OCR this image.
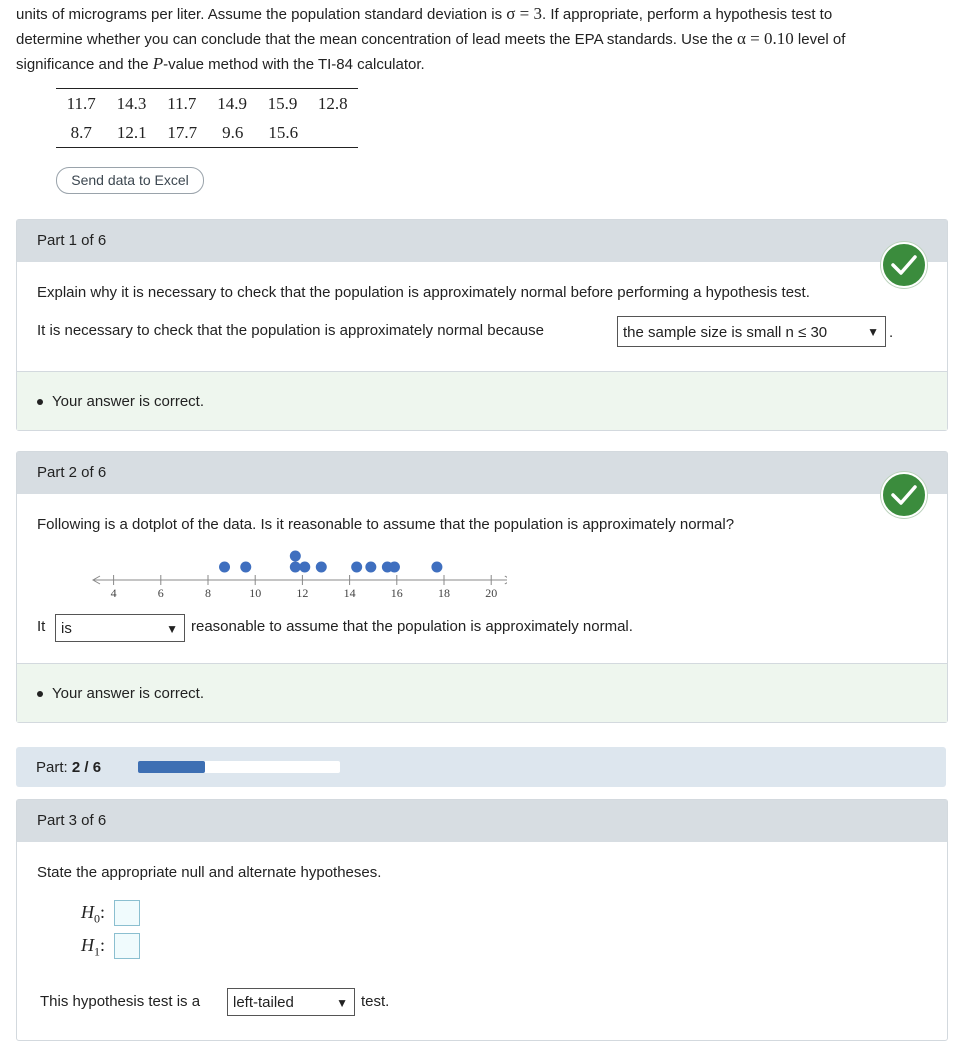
units of micrograms per liter. Assume the population standard deviation is σ = 3. If appropriate, perform a hypothesis test to
determine whether you can conclude that the mean concentration of lead meets the EPA standards. Use the α = 0.10 level of
significance and the P-value method with the TI-84 calculator.
11.7	14.3	11.7	14.9	15.9	12.8
8.7	12.1	17.7	9.6	15.6
Send data to Excel
Part 1 of 6
Explain why it is necessary to check that the population is approximately normal before performing a hypothesis test.
It is necessary to check that the population is approximately normal because	the sample size is small n ≤ 30	▼ .
Your answer is correct.
Part 2 of 6
Following is a dotplot of the data. Is it reasonable to assume that the population is approximately normal?
4	6	8	10	12	14	16	18	20
It	is	▼ reasonable to assume that the population is approximately normal.
Your answer is correct.
Part: 2 / 6
Part 3 of 6
State the appropriate null and alternate hypotheses.
$H_0$:
$H_1$:
This hypothesis test is a	left-tailed	▼ test.
